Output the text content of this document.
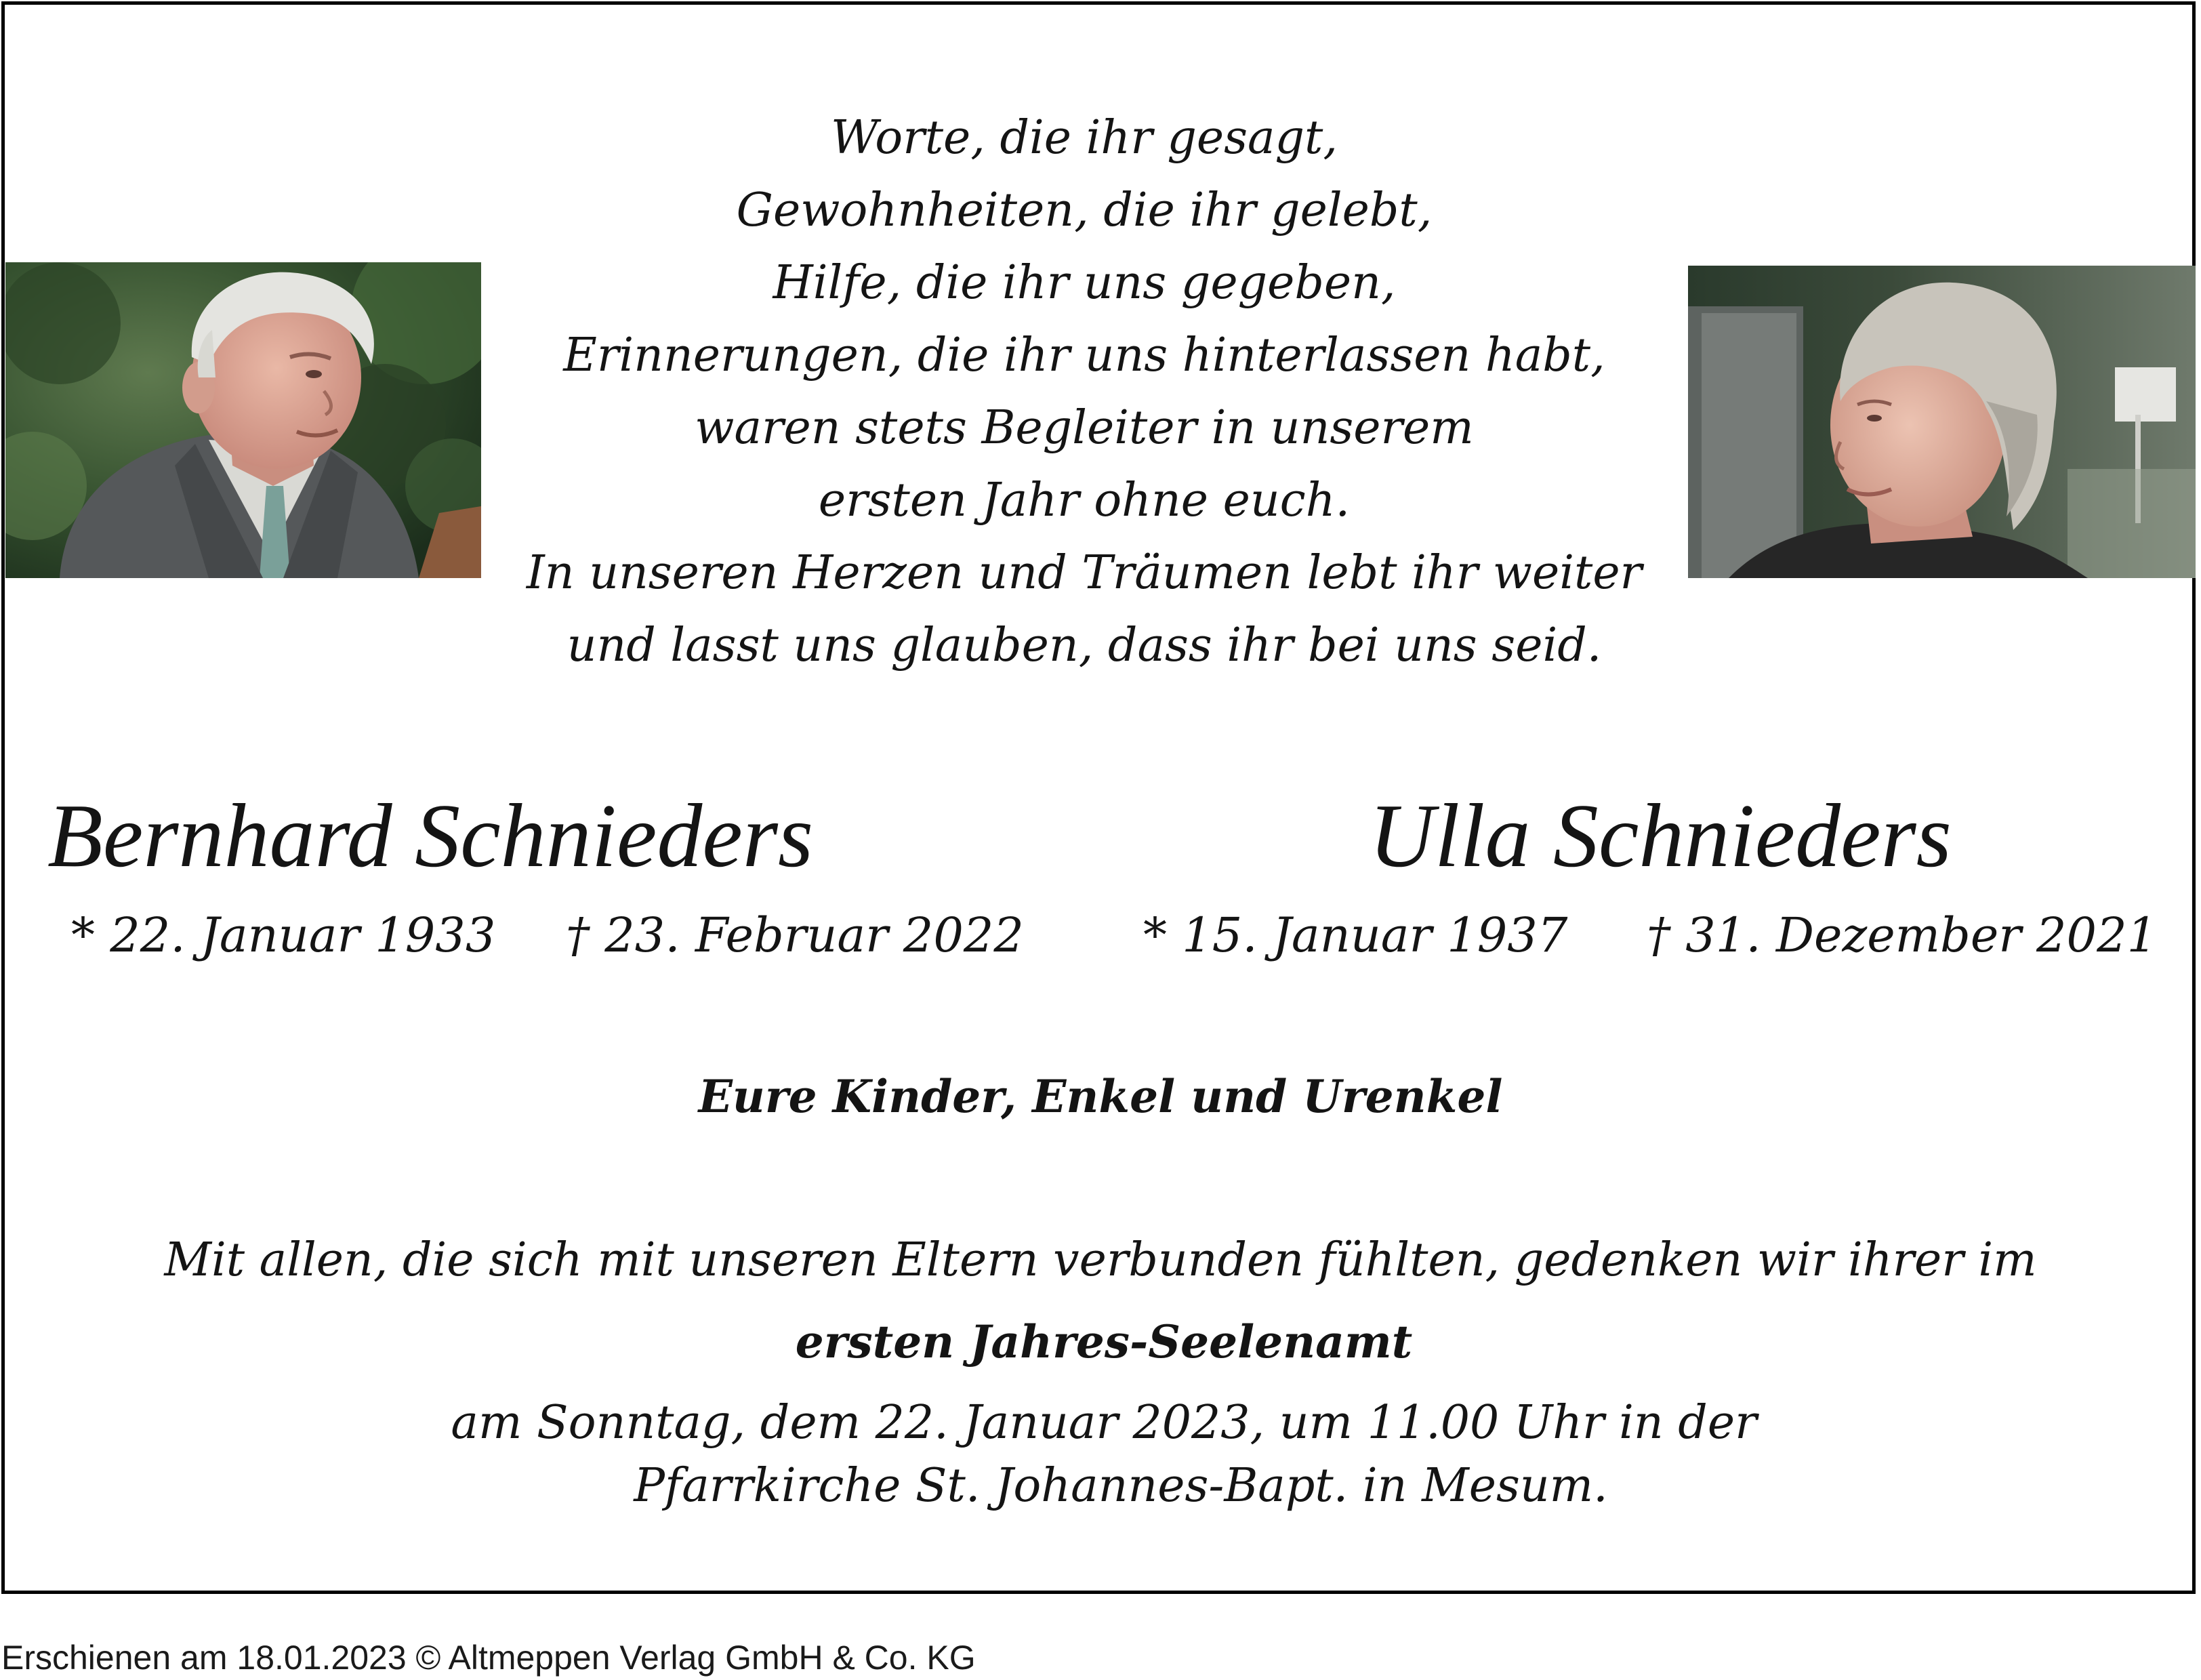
Worte, die ihr gesagt,
Gewohnheiten, die ihr gelebt,
Hilfe, die ihr uns gegeben,
Erinnerungen, die ihr uns hinterlassen habt,
waren stets Begleiter in unserem
ersten Jahr ohne euch.
In unseren Herzen und Träumen lebt ihr weiter
und lasst uns glauben, dass ihr bei uns seid.
Bernhard Schnieders	Ulla Schnieders
* 22. Januar 1933 † 23. Februar 2022	* 15. Januar 1937 † 31. Dezember 2021
Eure Kinder, Enkel und Urenkel
Mit allen, die sich mit unseren Eltern verbunden fühlten, gedenken wir ihrer im
ersten Jahres-Seelenamt
am Sonntag, dem 22. Januar 2023, um 11.00 Uhr in der
Pfarrkirche St. Johannes-Bapt. in Mesum.
Erschienen am 18.01.2023 © Altmeppen Verlag GmbH & Co. KG
